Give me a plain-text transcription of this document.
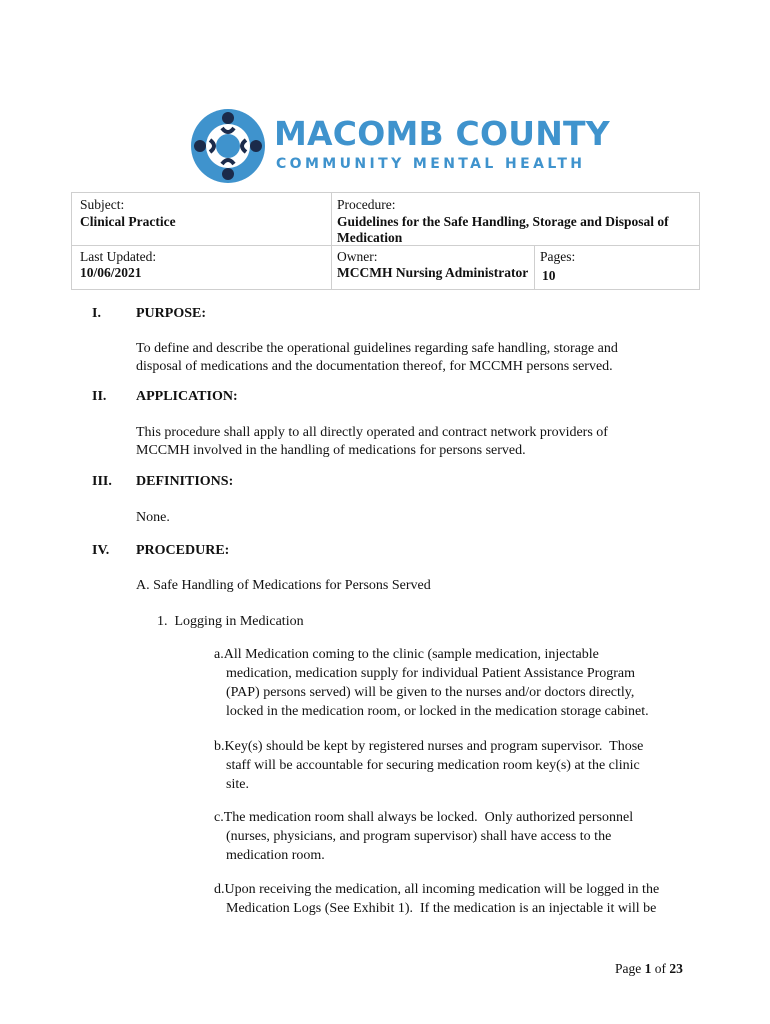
MACOMB COUNTY
COMMUNITY MENTAL HEALTH
Subject:
Clinical Practice
Procedure:
Guidelines for the Safe Handling, Storage and Disposal of
Medication
Last Updated:
10/06/2021
Owner:
MCCMH Nursing Administrator
Pages:
10
I.	PURPOSE:
To define and describe the operational guidelines regarding safe handling, storage and
disposal of medications and the documentation thereof, for MCCMH persons served.
II. APPLICATION:
This procedure shall apply to all directly operated and contract network providers of
MCCMH involved in the handling of medications for persons served.
III. DEFINITIONS:
None.
IV. PROCEDURE:
A. Safe Handling of Medications for Persons Served
1.  Logging in Medication
a.All Medication coming to the clinic (sample medication, injectable
medication, medication supply for individual Patient Assistance Program
(PAP) persons served) will be given to the nurses and/or doctors directly,
locked in the medication room, or locked in the medication storage cabinet.
b.Key(s) should be kept by registered nurses and program supervisor.  Those
staff will be accountable for securing medication room key(s) at the clinic
site.
c.The medication room shall always be locked.  Only authorized personnel
(nurses, physicians, and program supervisor) shall have access to the
medication room.
d.Upon receiving the medication, all incoming medication will be logged in the
Medication Logs (See Exhibit 1).  If the medication is an injectable it will be
Page 1 of 23
